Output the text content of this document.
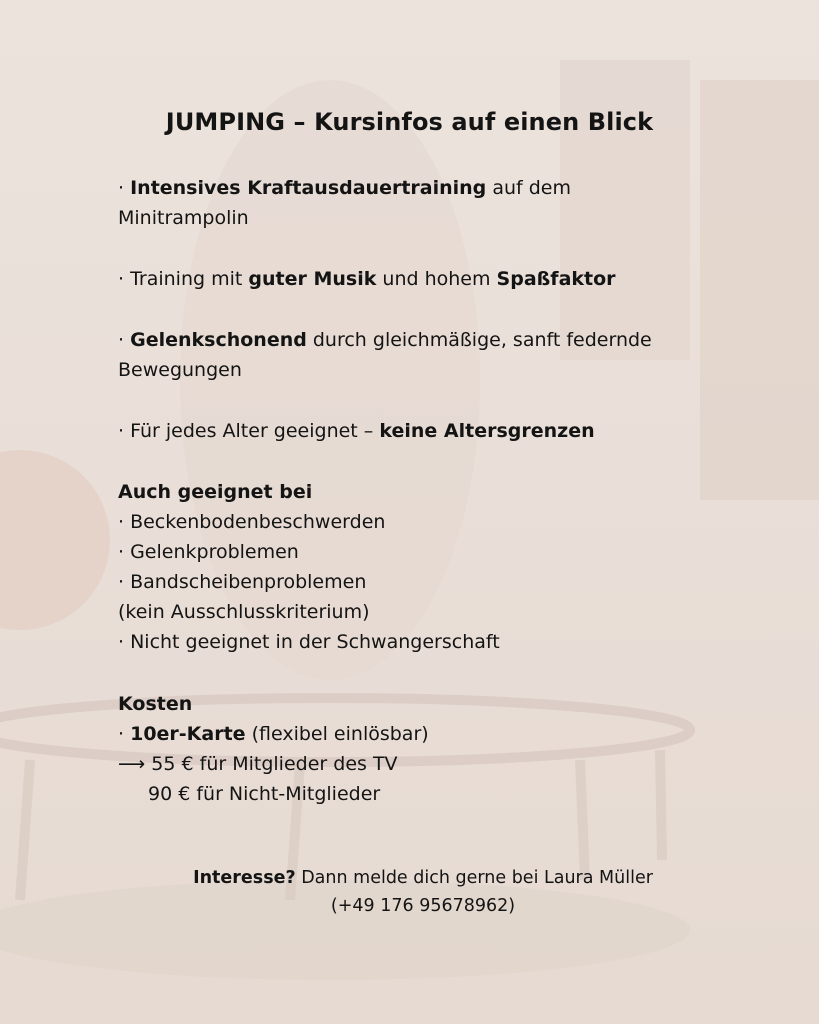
JUMPING – Kursinfos auf einen Blick
· Intensives Kraftausdauertraining auf dem
Minitrampolin
· Training mit guter Musik und hohem Spaßfaktor
· Gelenkschonend durch gleichmäßige, sanft federnde
Bewegungen
· Für jedes Alter geeignet – keine Altersgrenzen
Auch geeignet bei
· Beckenbodenbeschwerden
· Gelenkproblemen
· Bandscheibenproblemen
(kein Ausschlusskriterium)
· Nicht geeignet in der Schwangerschaft
Kosten
· 10er-Karte (flexibel einlösbar)
⟶ 55 € für Mitglieder des TV
90 € für Nicht-Mitglieder
Interesse? Dann melde dich gerne bei Laura Müller
(+49 176 95678962)
